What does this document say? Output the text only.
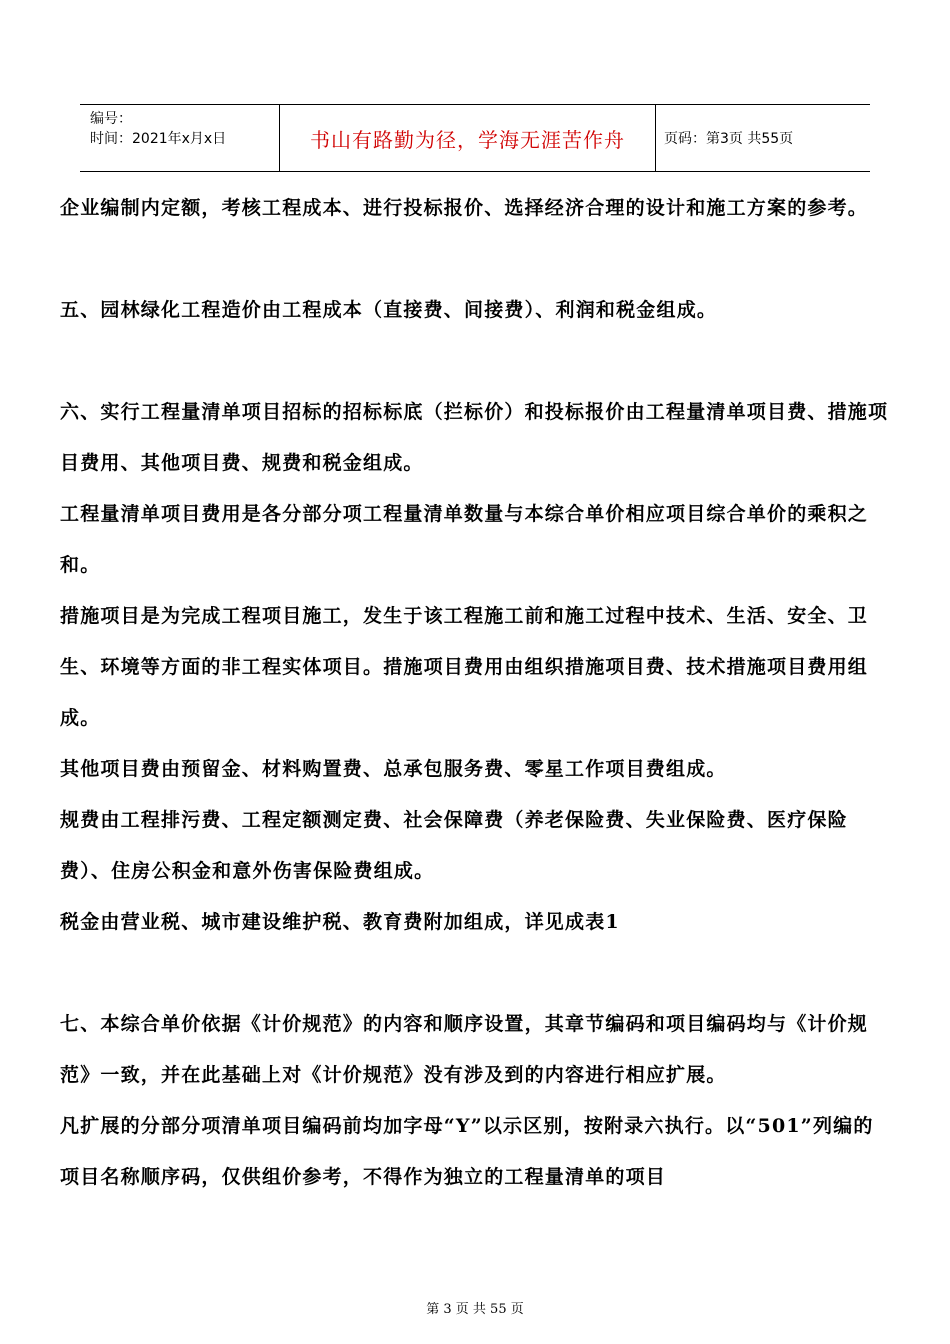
编号：
时间：2021年x月x日	书山有路勤为径，学海无涯苦作舟	页码：第3页 共55页

企业编制内定额，考核工程成本、进行投标报价、选择经济合理的设计和施工方案的参考。

五、园林绿化工程造价由工程成本（直接费、间接费）、利润和税金组成。

六、实行工程量清单项目招标的招标标底（拦标价）和投标报价由工程量清单项目费、措施项目费用、其他项目费、规费和税金组成。

工程量清单项目费用是各分部分项工程量清单数量与本综合单价相应项目综合单价的乘积之和。

措施项目是为完成工程项目施工，发生于该工程施工前和施工过程中技术、生活、安全、卫生、环境等方面的非工程实体项目。措施项目费用由组织措施项目费、技术措施项目费用组成。

其他项目费由预留金、材料购置费、总承包服务费、零星工作项目费组成。

规费由工程排污费、工程定额测定费、社会保障费（养老保险费、失业保险费、医疗保险费）、住房公积金和意外伤害保险费组成。

税金由营业税、城市建设维护税、教育费附加组成，详见成表1

七、本综合单价依据《计价规范》的内容和顺序设置，其章节编码和项目编码均与《计价规范》一致，并在此基础上对《计价规范》没有涉及到的内容进行相应扩展。

凡扩展的分部分项清单项目编码前均加字母“Y”以示区别，按附录六执行。以“501”列编的项目名称顺序码，仅供组价参考，不得作为独立的工程量清单的项目

第 3 页 共 55 页
